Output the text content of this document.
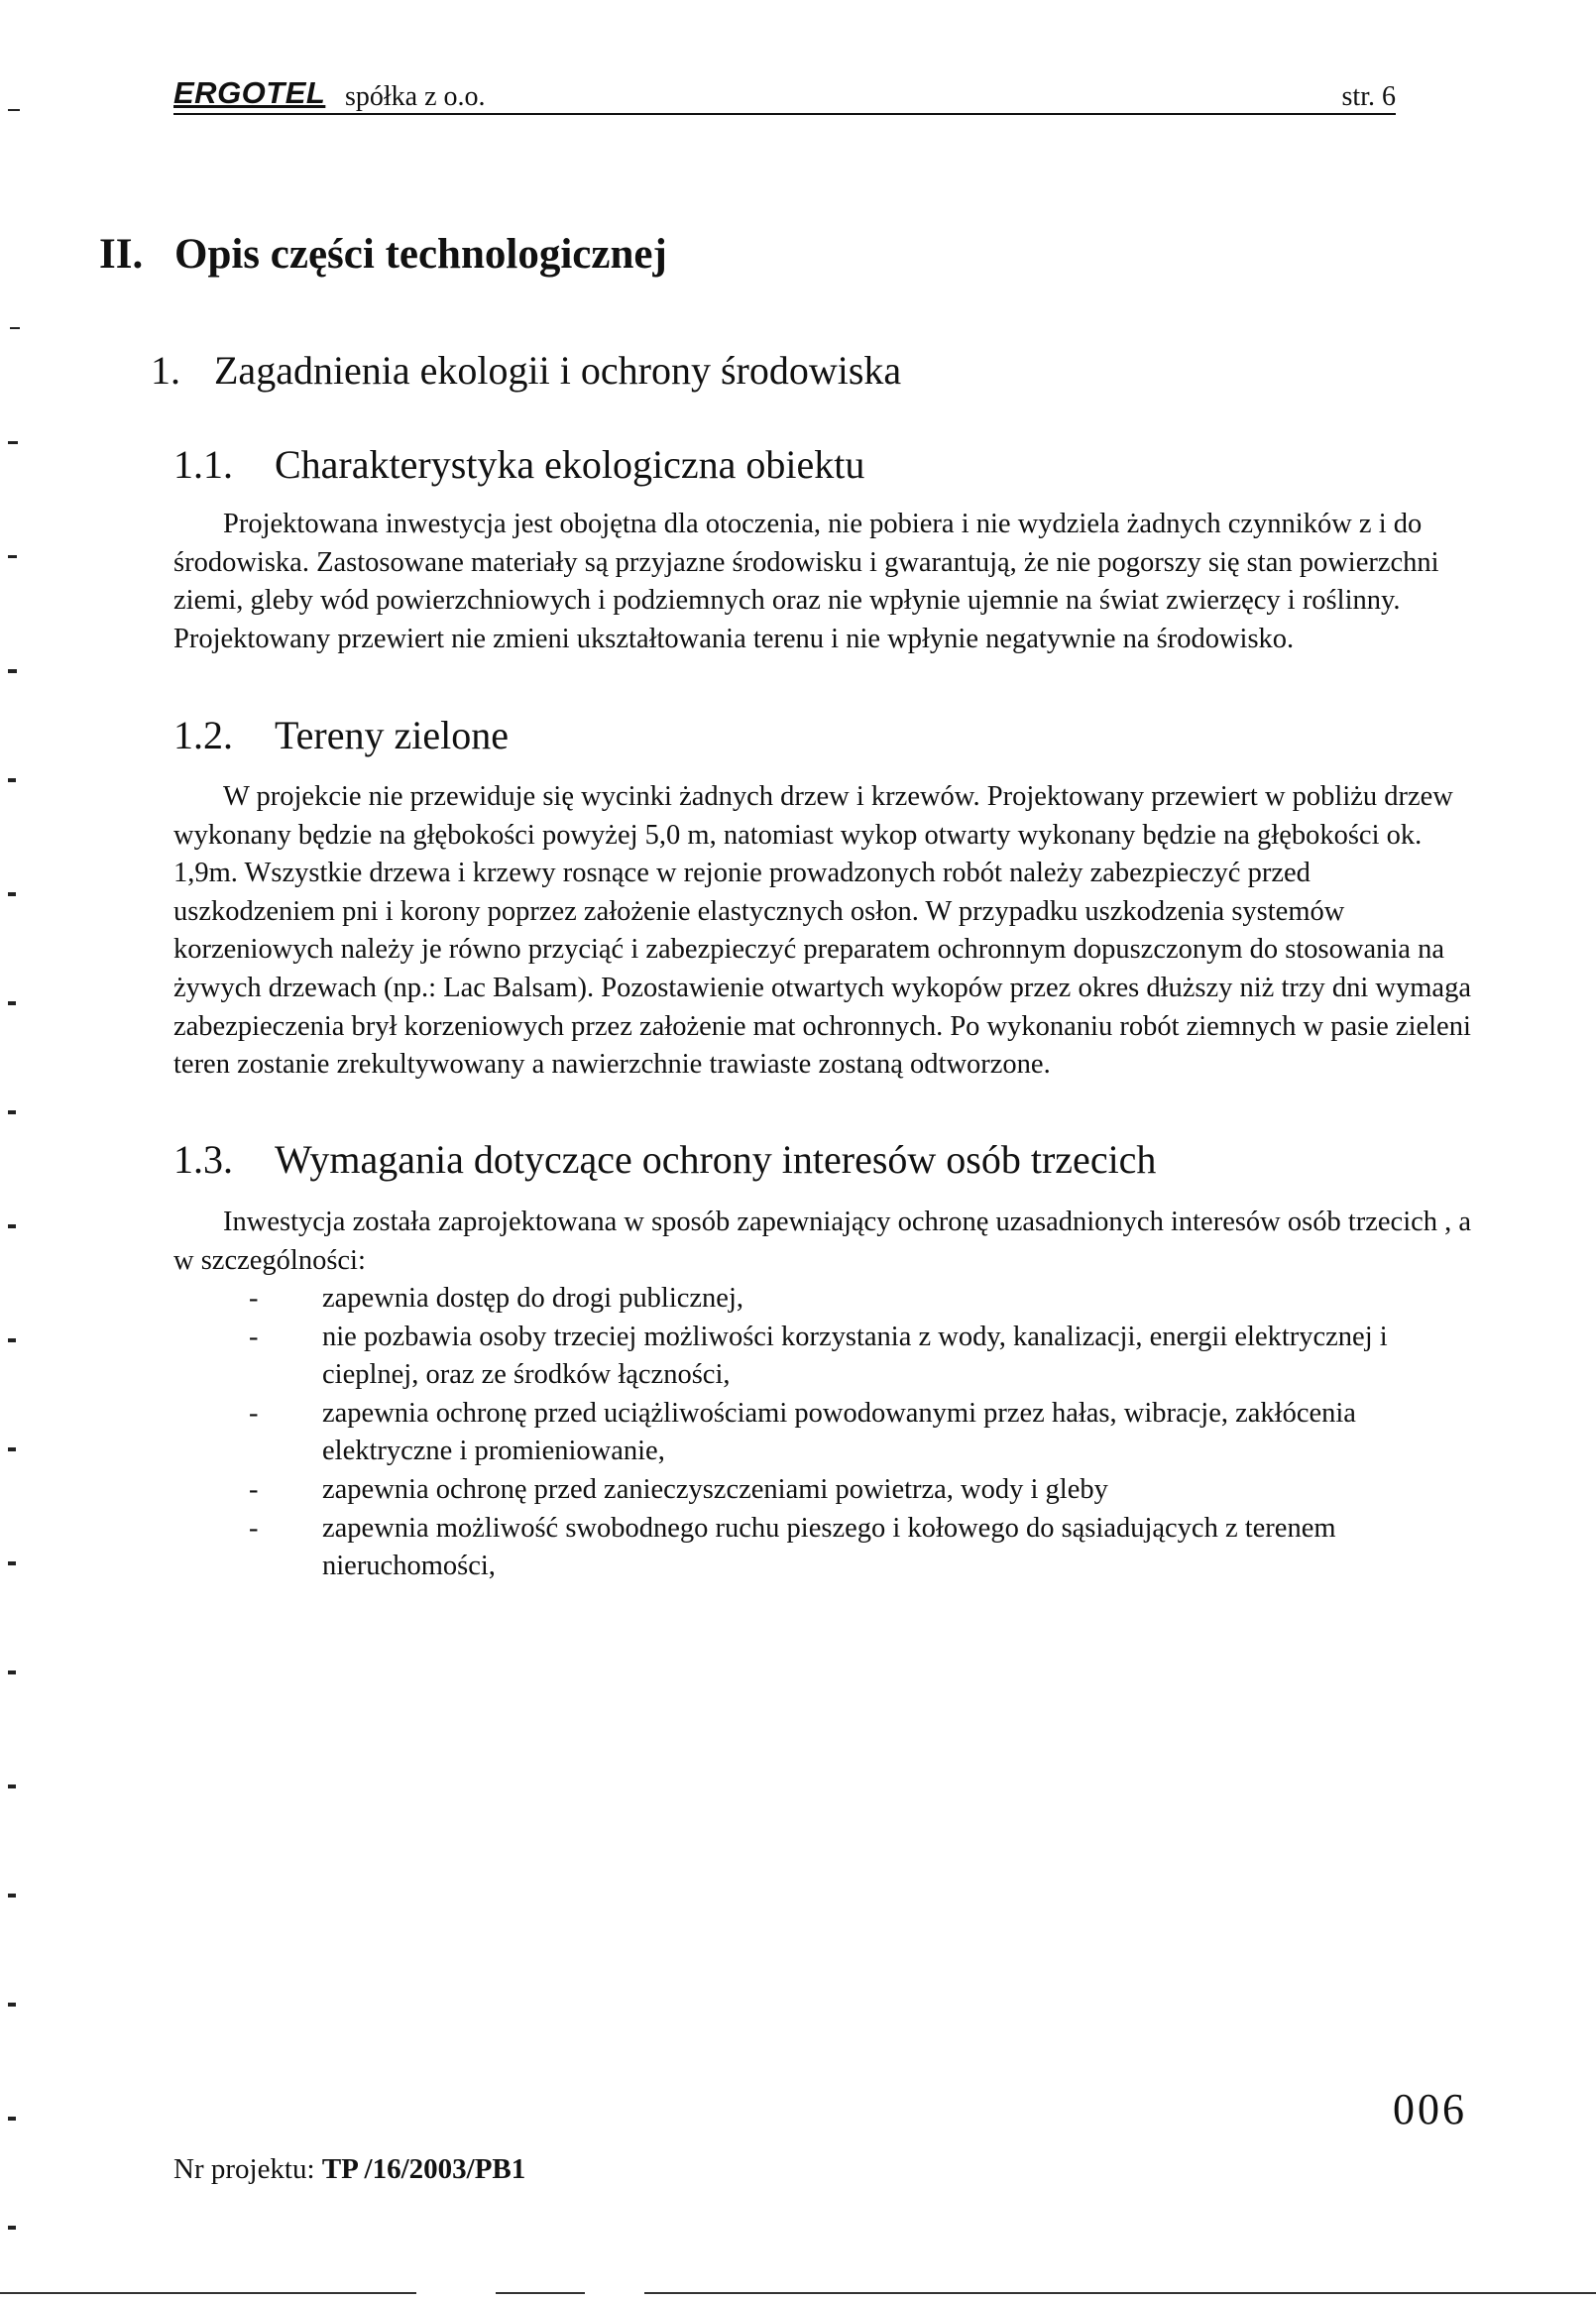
ERGOTEL spółka z o.o.	str. 6
II. Opis części technologicznej
1. Zagadnienia ekologii i ochrony środowiska
1.1. Charakterystyka ekologiczna obiektu

Projektowana inwestycja jest obojętna dla otoczenia, nie pobiera i nie wydziela żadnych czynników z i do środowiska. Zastosowane materiały są przyjazne środowisku i gwarantują, że nie pogorszy się stan powierzchni ziemi, gleby wód powierzchniowych i podziemnych oraz nie wpłynie ujemnie na świat zwierzęcy i roślinny. Projektowany przewiert nie zmieni ukształtowania terenu i nie wpłynie negatywnie na środowisko.

1.2. Tereny zielone

W projekcie nie przewiduje się wycinki żadnych drzew i krzewów. Projektowany przewiert w pobliżu drzew wykonany będzie na głębokości powyżej 5,0 m, natomiast wykop otwarty wykonany będzie na głębokości ok. 1,9m. Wszystkie drzewa i krzewy rosnące w rejonie prowadzonych robót należy zabezpieczyć przed uszkodzeniem pni i korony poprzez założenie elastycznych osłon. W przypadku uszkodzenia systemów korzeniowych należy je równo przyciąć i zabezpieczyć preparatem ochronnym dopuszczonym do stosowania na żywych drzewach (np.: Lac Balsam). Pozostawienie otwartych wykopów przez okres dłuższy niż trzy dni wymaga zabezpieczenia brył korzeniowych przez założenie mat ochronnych. Po wykonaniu robót ziemnych w pasie zieleni teren zostanie zrekultywowany a nawierzchnie trawiaste zostaną odtworzone.

1.3. Wymagania dotyczące ochrony interesów osób trzecich

Inwestycja została zaprojektowana w sposób zapewniający ochronę uzasadnionych interesów osób trzecich , a w szczególności:

- zapewnia dostęp do drogi publicznej,
- nie pozbawia osoby trzeciej możliwości korzystania z wody, kanalizacji, energii elektrycznej i cieplnej, oraz ze środków łączności,
- zapewnia ochronę przed uciążliwościami powodowanymi przez hałas, wibracje, zakłócenia elektryczne i promieniowanie,
- zapewnia ochronę przed zanieczyszczeniami powietrza, wody i gleby
- zapewnia możliwość swobodnego ruchu pieszego i kołowego do sąsiadujących z terenem nieruchomości,
006
Nr projektu: TP /16/2003/PB1
